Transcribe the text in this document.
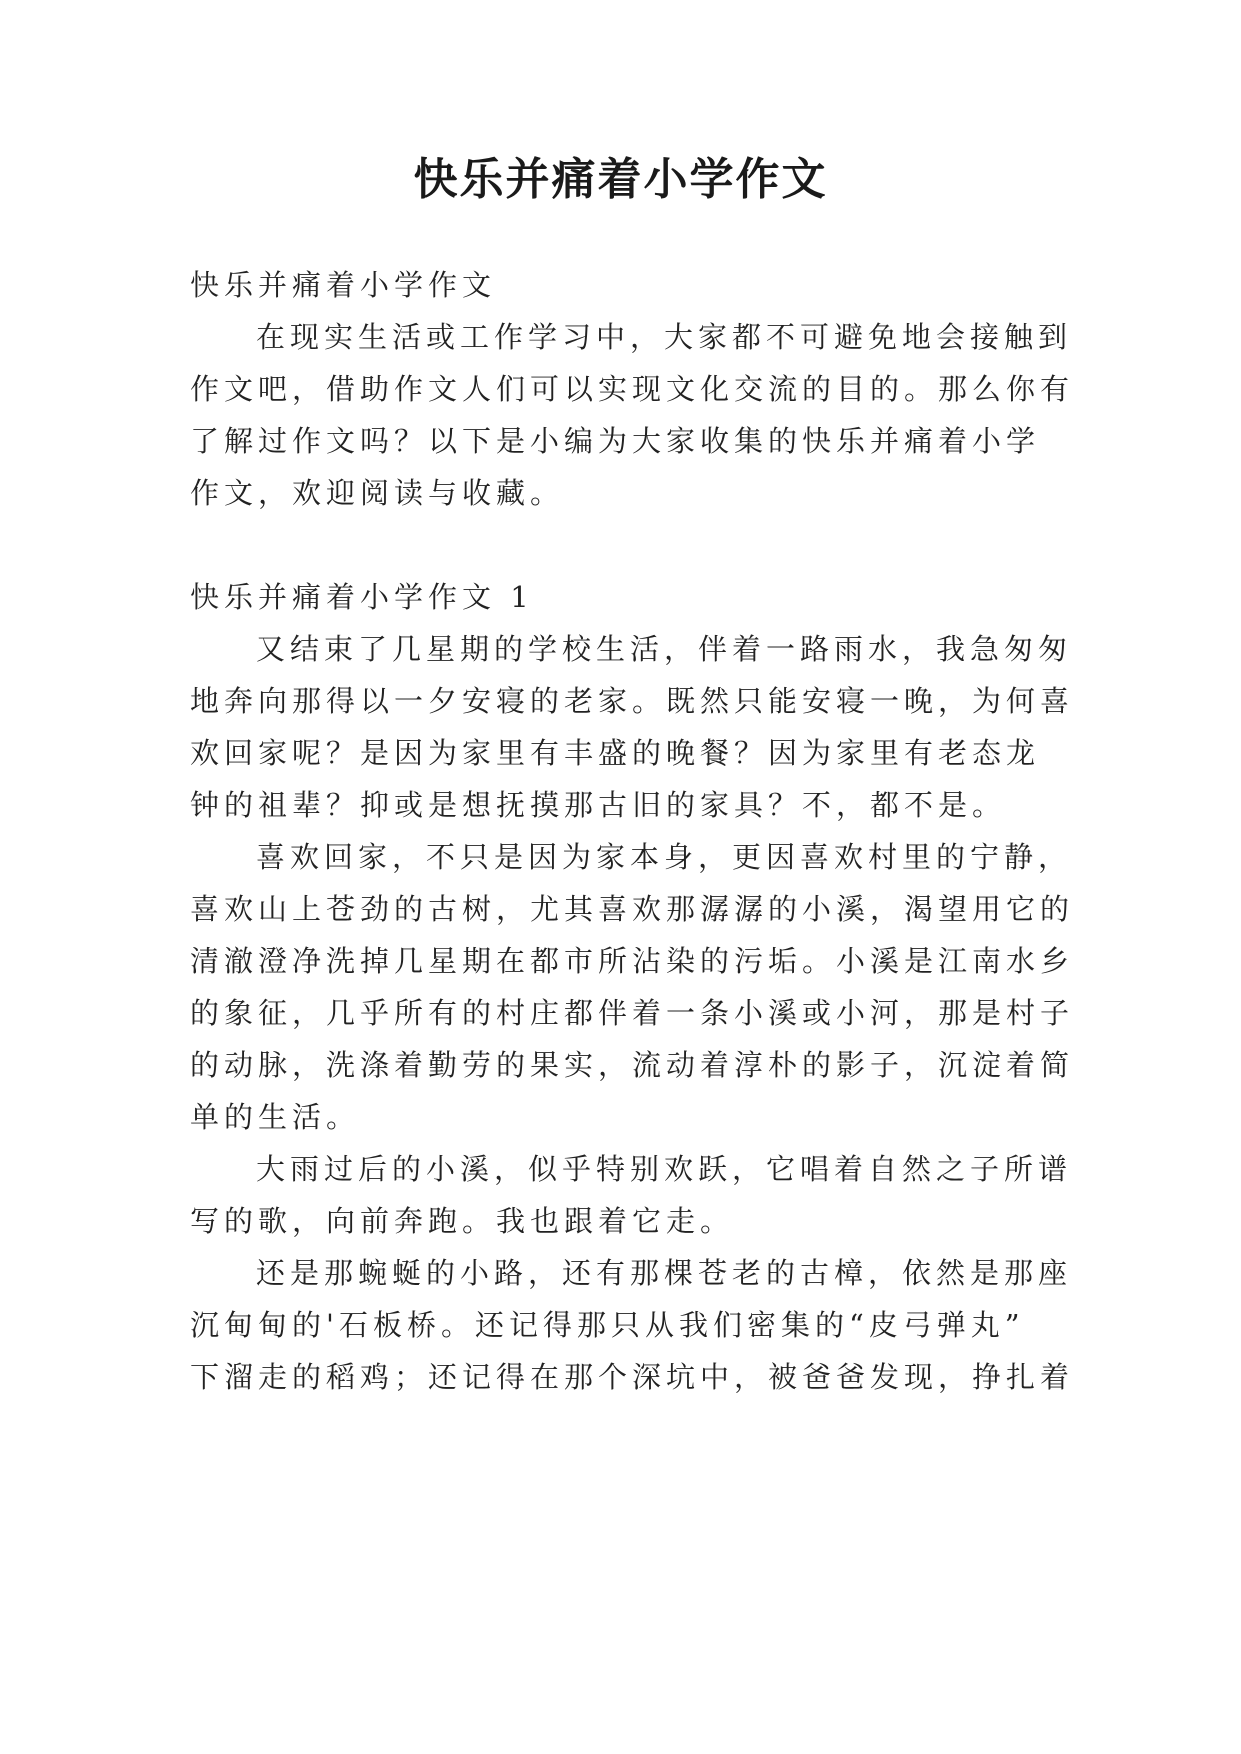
快乐并痛着小学作文

快乐并痛着小学作文

在现实生活或工作学习中，大家都不可避免地会接触到

作文吧，借助作文人们可以实现文化交流的目的。那么你有

了解过作文吗？以下是小编为大家收集的快乐并痛着小学

作文，欢迎阅读与收藏。

快乐并痛着小学作文 1

又结束了几星期的学校生活，伴着一路雨水，我急匆匆

地奔向那得以一夕安寝的老家。既然只能安寝一晚，为何喜

欢回家呢？是因为家里有丰盛的晚餐？因为家里有老态龙

钟的祖辈？抑或是想抚摸那古旧的家具？不，都不是。

喜欢回家，不只是因为家本身，更因喜欢村里的宁静，

喜欢山上苍劲的古树，尤其喜欢那潺潺的小溪，渴望用它的

清澈澄净洗掉几星期在都市所沾染的污垢。小溪是江南水乡

的象征，几乎所有的村庄都伴着一条小溪或小河，那是村子

的动脉，洗涤着勤劳的果实，流动着淳朴的影子，沉淀着简

单的生活。

大雨过后的小溪，似乎特别欢跃，它唱着自然之子所谱

写的歌，向前奔跑。我也跟着它走。

还是那蜿蜒的小路，还有那棵苍老的古樟，依然是那座

沉甸甸的'石板桥。还记得那只从我们密集的“皮弓弹丸”

下溜走的稻鸡；还记得在那个深坑中，被爸爸发现，挣扎着
